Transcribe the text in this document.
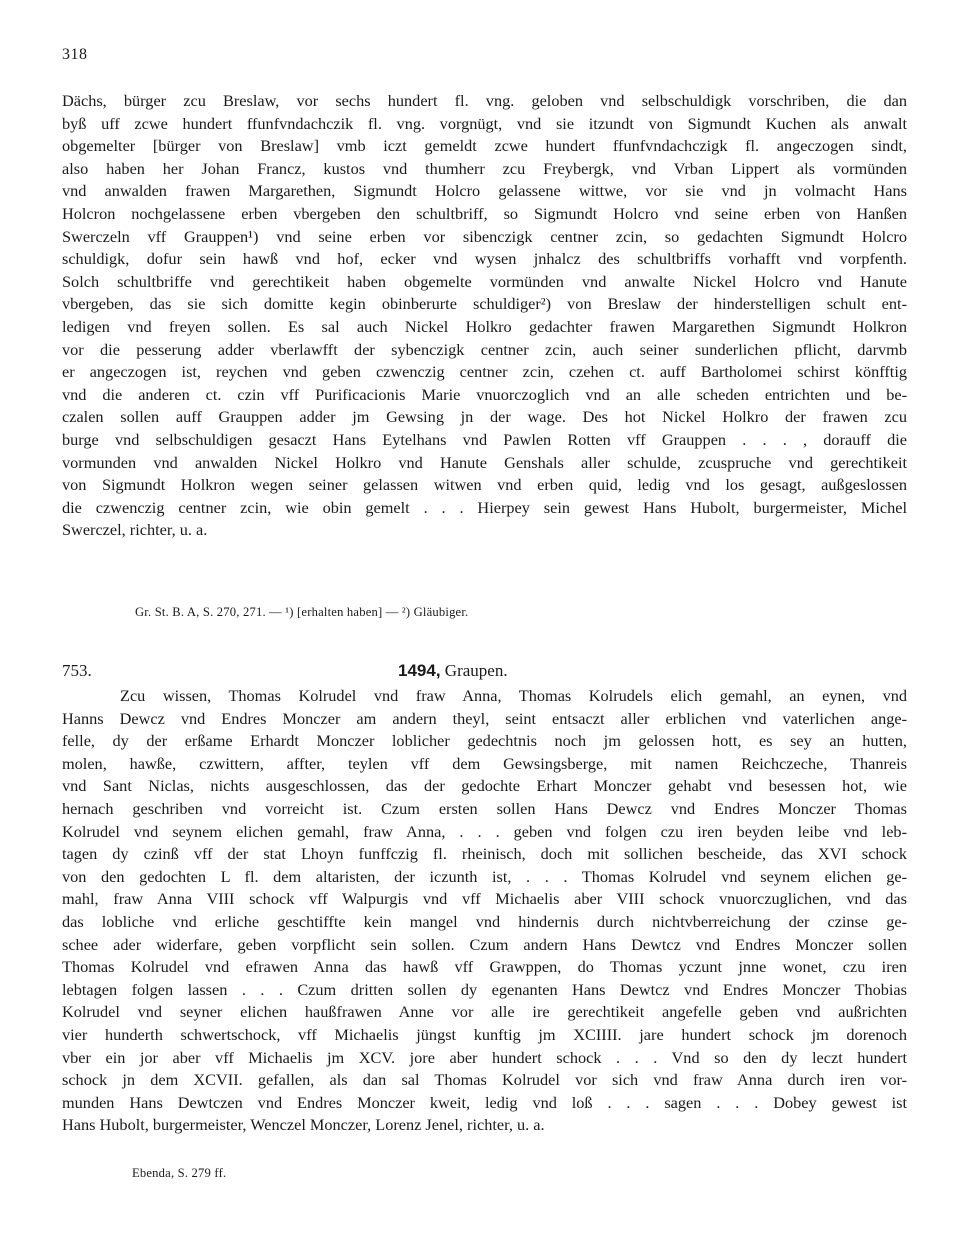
318
Dächs, bürger zcu Breslaw, vor sechs hundert fl. vng. geloben vnd selbschuldigk vorschriben, die dan
byß uff zcwe hundert ffunfvndachczik fl. vng. vorgnügt, vnd sie itzundt von Sigmundt Kuchen als anwalt
obgemelter [bürger von Breslaw] vmb iczt gemeldt zcwe hundert ffunfvndachczigk fl. angeczogen sindt,
also haben her Johan Francz, kustos vnd thumherr zcu Freybergk, vnd Vrban Lippert als vormünden
vnd anwalden frawen Margarethen, Sigmundt Holcro gelassene wittwe, vor sie vnd jn volmacht Hans
Holcron nochgelassene erben vbergeben den schultbriff, so Sigmundt Holcro vnd seine erben von Hanßen
Swerczeln vff Grauppen¹) vnd seine erben vor sibenczigk centner zcin, so gedachten Sigmundt Holcro
schuldigk, dofur sein hawß vnd hof, ecker vnd wysen jnhalcz des schultbriffs vorhafft vnd vorpfenth.
Solch schultbriffe vnd gerechtikeit haben obgemelte vormünden vnd anwalte Nickel Holcro vnd Hanute
vbergeben, das sie sich domitte kegin obinberurte schuldiger²) von Breslaw der hinderstelligen schult ent-
ledigen vnd freyen sollen. Es sal auch Nickel Holkro gedachter frawen Margarethen Sigmundt Holkron
vor die pesserung adder vberlawfft der sybenczigk centner zcin, auch seiner sunderlichen pflicht, darvmb
er angeczogen ist, reychen vnd geben czwenczig centner zcin, czehen ct. auff Bartholomei schirst könfftig
vnd die anderen ct. czin vff Purificacionis Marie vnuorczoglich vnd an alle scheden entrichten und be-
czalen sollen auff Grauppen adder jm Gewsing jn der wage. Des hot Nickel Holkro der frawen zcu
burge vnd selbschuldigen gesaczt Hans Eytelhans vnd Pawlen Rotten vff Grauppen . . . , dorauff die
vormunden vnd anwalden Nickel Holkro vnd Hanute Genshals aller schulde, zcuspruche vnd gerechtikeit
von Sigmundt Holkron wegen seiner gelassen witwen vnd erben quid, ledig vnd los gesagt, außgeslossen
die czwenczig centner zcin, wie obin gemelt . . . Hierpey sein gewest Hans Hubolt, burgermeister, Michel
Swerczel, richter, u. a.
Gr. St. B. A, S. 270, 271. — ¹) [erhalten haben] — ²) Gläubiger.
753.	1494, Graupen.
Zcu wissen, Thomas Kolrudel vnd fraw Anna, Thomas Kolrudels elich gemahl, an eynen, vnd
Hanns Dewcz vnd Endres Monczer am andern theyl, seint entsaczt aller erblichen vnd vaterlichen ange-
felle, dy der erßame Erhardt Monczer loblicher gedechtnis noch jm gelossen hott, es sey an hutten,
molen, hawße, czwittern, affter, teylen vff dem Gewsingsberge, mit namen Reichczeche, Thanreis
vnd Sant Niclas, nichts ausgeschlossen, das der gedochte Erhart Monczer gehabt vnd besessen hot, wie
hernach geschriben vnd vorreicht ist. Czum ersten sollen Hans Dewcz vnd Endres Monczer Thomas
Kolrudel vnd seynem elichen gemahl, fraw Anna, . . . geben vnd folgen czu iren beyden leibe vnd leb-
tagen dy czinß vff der stat Lhoyn funffczig fl. rheinisch, doch mit sollichen bescheide, das XVI schock
von den gedochten L fl. dem altaristen, der iczunth ist, . . . Thomas Kolrudel vnd seynem elichen ge-
mahl, fraw Anna VIII schock vff Walpurgis vnd vff Michaelis aber VIII schock vnuorczuglichen, vnd das
das lobliche vnd erliche geschtiffte kein mangel vnd hindernis durch nichtvberreichung der czinse ge-
schee ader widerfare, geben vorpflicht sein sollen. Czum andern Hans Dewtcz vnd Endres Monczer sollen
Thomas Kolrudel vnd efrawen Anna das hawß vff Grawppen, do Thomas yczunt jnne wonet, czu iren
lebtagen folgen lassen . . . Czum dritten sollen dy egenanten Hans Dewtcz vnd Endres Monczer Thobias
Kolrudel vnd seyner elichen haußfrawen Anne vor alle ire gerechtikeit angefelle geben vnd außrichten
vier hunderth schwertschock, vff Michaelis jüngst kunftig jm XCIIII. jare hundert schock jm dorenoch
vber ein jor aber vff Michaelis jm XCV. jore aber hundert schock . . . Vnd so den dy leczt hundert
schock jn dem XCVII. gefallen, als dan sal Thomas Kolrudel vor sich vnd fraw Anna durch iren vor-
munden Hans Dewtczen vnd Endres Monczer kweit, ledig vnd loß . . . sagen . . . Dobey gewest ist
Hans Hubolt, burgermeister, Wenczel Monczer, Lorenz Jenel, richter, u. a.
Ebenda, S. 279 ff.
